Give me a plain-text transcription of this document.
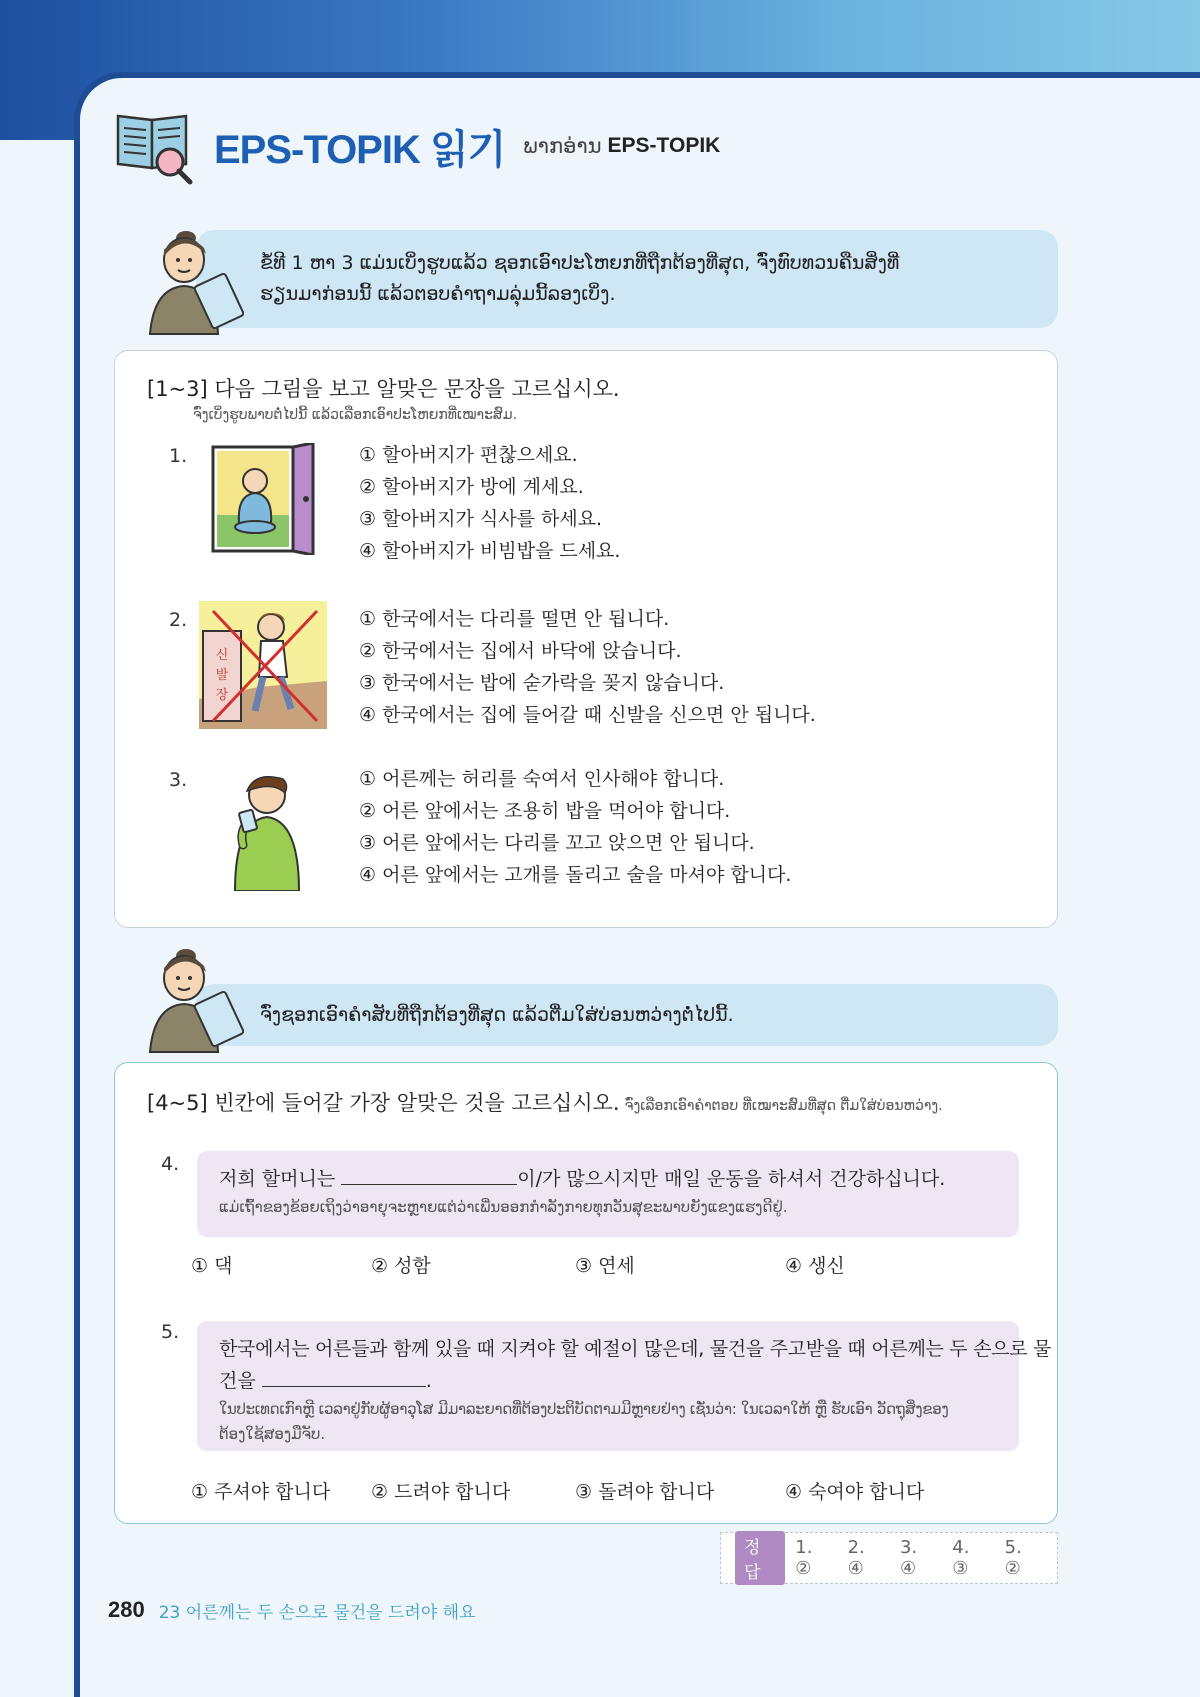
EPS-TOPIK 읽기 ພາກອ່ານ EPS-TOPIK
ຂໍ້ທີ 1 ຫາ 3 ແມ່ນເບິ່ງຮູບແລ້ວ ຊອກເອົາປະໂຫຍກທີ່ຖືກຕ້ອງທີ່ສຸດ, ຈົ່ງທົບທວນຄືນສິ່ງທີ່
ຮຽນມາກ່ອນນີ້ ແລ້ວຕອບຄຳຖາມລຸ່ມນີ້ລອງເບິ່ງ.
[1~3] 다음 그림을 보고 알맞은 문장을 고르십시오.
ຈົ່ງເບິ່ງຮູບພາບຕໍ່ໄປນີ້ ແລ້ວເລືອກເອົາປະໂຫຍກທີ່ເໝາະສົມ.
1.	① 할아버지가 편찮으세요.
② 할아버지가 방에 계세요.
③ 할아버지가 식사를 하세요.
④ 할아버지가 비빔밥을 드세요.
2.
신
발
장
① 한국에서는 다리를 떨면 안 됩니다.
② 한국에서는 집에서 바닥에 앉습니다.
③ 한국에서는 밥에 숟가락을 꽂지 않습니다.
④ 한국에서는 집에 들어갈 때 신발을 신으면 안 됩니다.
3.	① 어른께는 허리를 숙여서 인사해야 합니다.
② 어른 앞에서는 조용히 밥을 먹어야 합니다.
③ 어른 앞에서는 다리를 꼬고 앉으면 안 됩니다.
④ 어른 앞에서는 고개를 돌리고 술을 마셔야 합니다.
ຈົ່ງຊອກເອົາຄຳສັບທີ່ຖືກຕ້ອງທີ່ສຸດ ແລ້ວຕື່ມໃສ່ບ່ອນຫວ່າງຕໍ່ໄປນີ້.
[4~5] 빈칸에 들어갈 가장 알맞은 것을 고르십시오. ຈົ່ງເລືອກເອົາຄຳຕອບ ທີ່ເໝາະສົມທີ່ສຸດ ຕື່ມໃສ່ບ່ອນຫວ່າງ.
4.
저희 할머니는	이/가 많으시지만 매일 운동을 하셔서 건강하십니다.
ແມ່ເຖົ້າຂອງຂ້ອຍເຖິງວ່າອາຍຸຈະຫຼາຍແຕ່ວ່າເພີ່ນອອກກຳລັງກາຍທຸກວັນສຸຂະພາບຍັງແຂງແຮງດີຢູ່.
① 댁	② 성함	③ 연세	④ 생신
5.
한국에서는 어른들과 함께 있을 때 지켜야 할 예절이 많은데, 물건을 주고받을 때 어른께는 두 손으로 물
건을	.
ໃນປະເທດເກົາຫຼີ ເວລາຢູ່ກັບຜູ້ອາວຸໂສ ມີມາລະຍາດທີ່ຕ້ອງປະຕິບັດຕາມມີຫຼາຍຢ່າງ ເຊັ່ນວ່າ: ໃນເວລາໃຫ້ ຫຼື ຮັບເອົາ ວັດຖຸສິ່ງຂອງ
ຕ້ອງໃຊ້ສອງມືຈັບ.
① 주셔야 합니다 ② 드려야 합니다	③ 돌려야 합니다	④ 숙여야 합니다
정답
1. ②
2. ④
3. ④
4. ③
5. ②
280 23 어른께는 두 손으로 물건을 드려야 해요
